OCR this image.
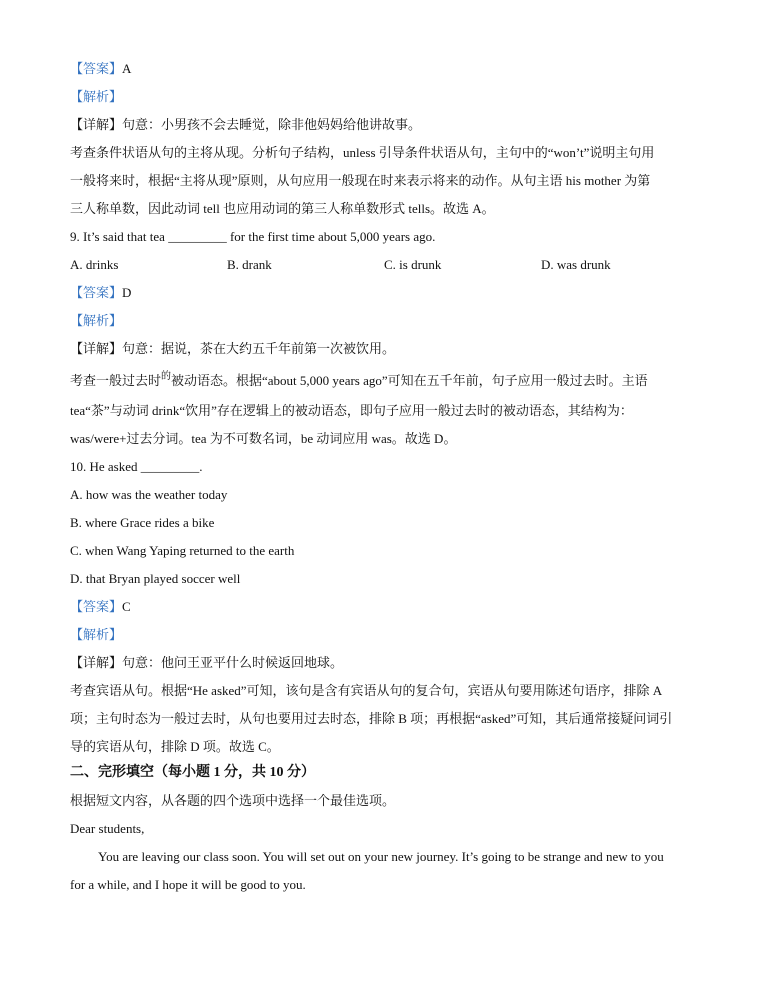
【答案】A
【解析】
【详解】句意：小男孩不会去睡觉，除非他妈妈给他讲故事。
考查条件状语从句的主将从现。分析句子结构，unless 引导条件状语从句，主句中的“won’t”说明主句用
一般将来时，根据“主将从现”原则，从句应用一般现在时来表示将来的动作。从句主语 his mother 为第
三人称单数，因此动词 tell 也应用动词的第三人称单数形式 tells。故选 A。
9. It’s said that tea _________ for the first time about 5,000 years ago.
A. drinks	B. drank	C. is drunk	D. was drunk
【答案】D
【解析】
【详解】句意：据说，茶在大约五千年前第一次被饮用。
考查一般过去时$^的$被动语态。根据“about 5,000 years ago”可知在五千年前，句子应用一般过去时。主语
tea“茶”与动词 drink“饮用”存在逻辑上的被动语态，即句子应用一般过去时的被动语态，其结构为：
was/were+过去分词。tea 为不可数名词，be 动词应用 was。故选 D。
10. He asked _________.
A. how was the weather today
B. where Grace rides a bike
C. when Wang Yaping returned to the earth
D. that Bryan played soccer well
【答案】C
【解析】
【详解】句意：他问王亚平什么时候返回地球。
考查宾语从句。根据“He asked”可知，该句是含有宾语从句的复合句，宾语从句要用陈述句语序，排除 A
项；主句时态为一般过去时，从句也要用过去时态，排除 B 项；再根据“asked”可知，其后通常接疑问词引
导的宾语从句，排除 D 项。故选 C。
二、完形填空（每小题 1 分，共 10 分）
根据短文内容，从各题的四个选项中选择一个最佳选项。
Dear students,
You are leaving our class soon. You will set out on your new journey. It’s going to be strange and new to you
for a while, and I hope it will be good to you.
